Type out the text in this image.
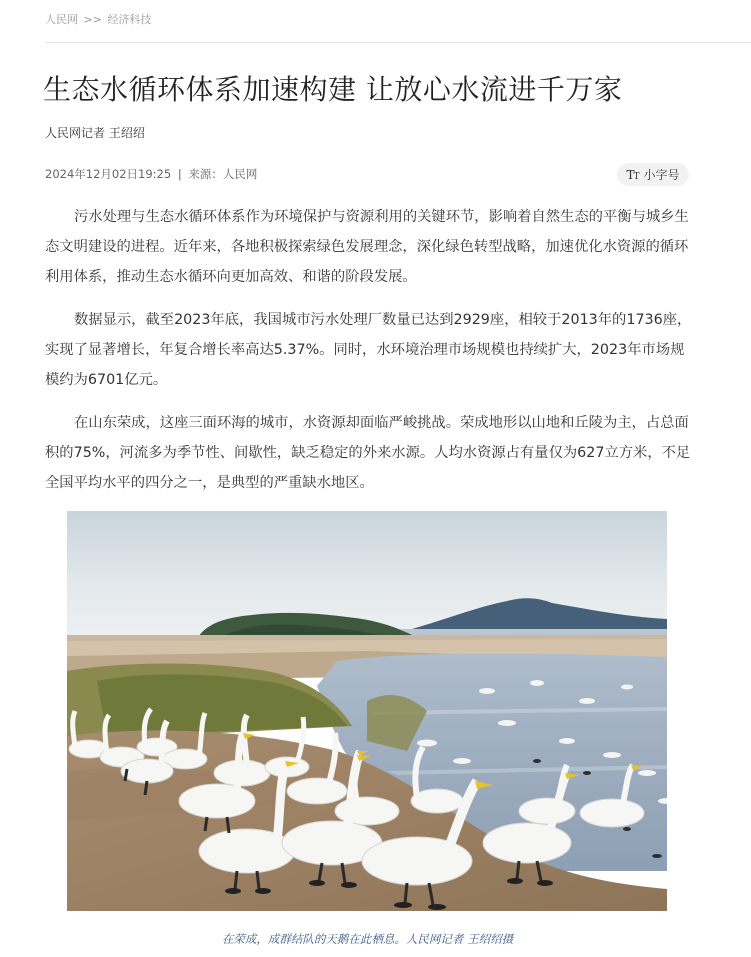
人民网 >> 经济科技
生态水循环体系加速构建 让放心水流进千万家
人民网记者 王绍绍
2024年12月02日19:25 | 来源：人民网	TT 小字号

污水处理与生态水循环体系作为环境保护与资源利用的关键环节，影响着自然生态的平衡与城乡生态文明建设的进程。近年来，各地积极探索绿色发展理念，深化绿色转型战略，加速优化水资源的循环利用体系，推动生态水循环向更加高效、和谐的阶段发展。

数据显示，截至2023年底，我国城市污水处理厂数量已达到2929座，相较于2013年的1736座，实现了显著增长，年复合增长率高达5.37%。同时，水环境治理市场规模也持续扩大，2023年市场规模约为6701亿元。

在山东荣成，这座三面环海的城市，水资源却面临严峻挑战。荣成地形以山地和丘陵为主，占总面积的75%，河流多为季节性、间歇性，缺乏稳定的外来水源。人均水资源占有量仅为627立方米，不足全国平均水平的四分之一，是典型的严重缺水地区。

在荣成，成群结队的天鹅在此栖息。人民网记者 王绍绍摄
